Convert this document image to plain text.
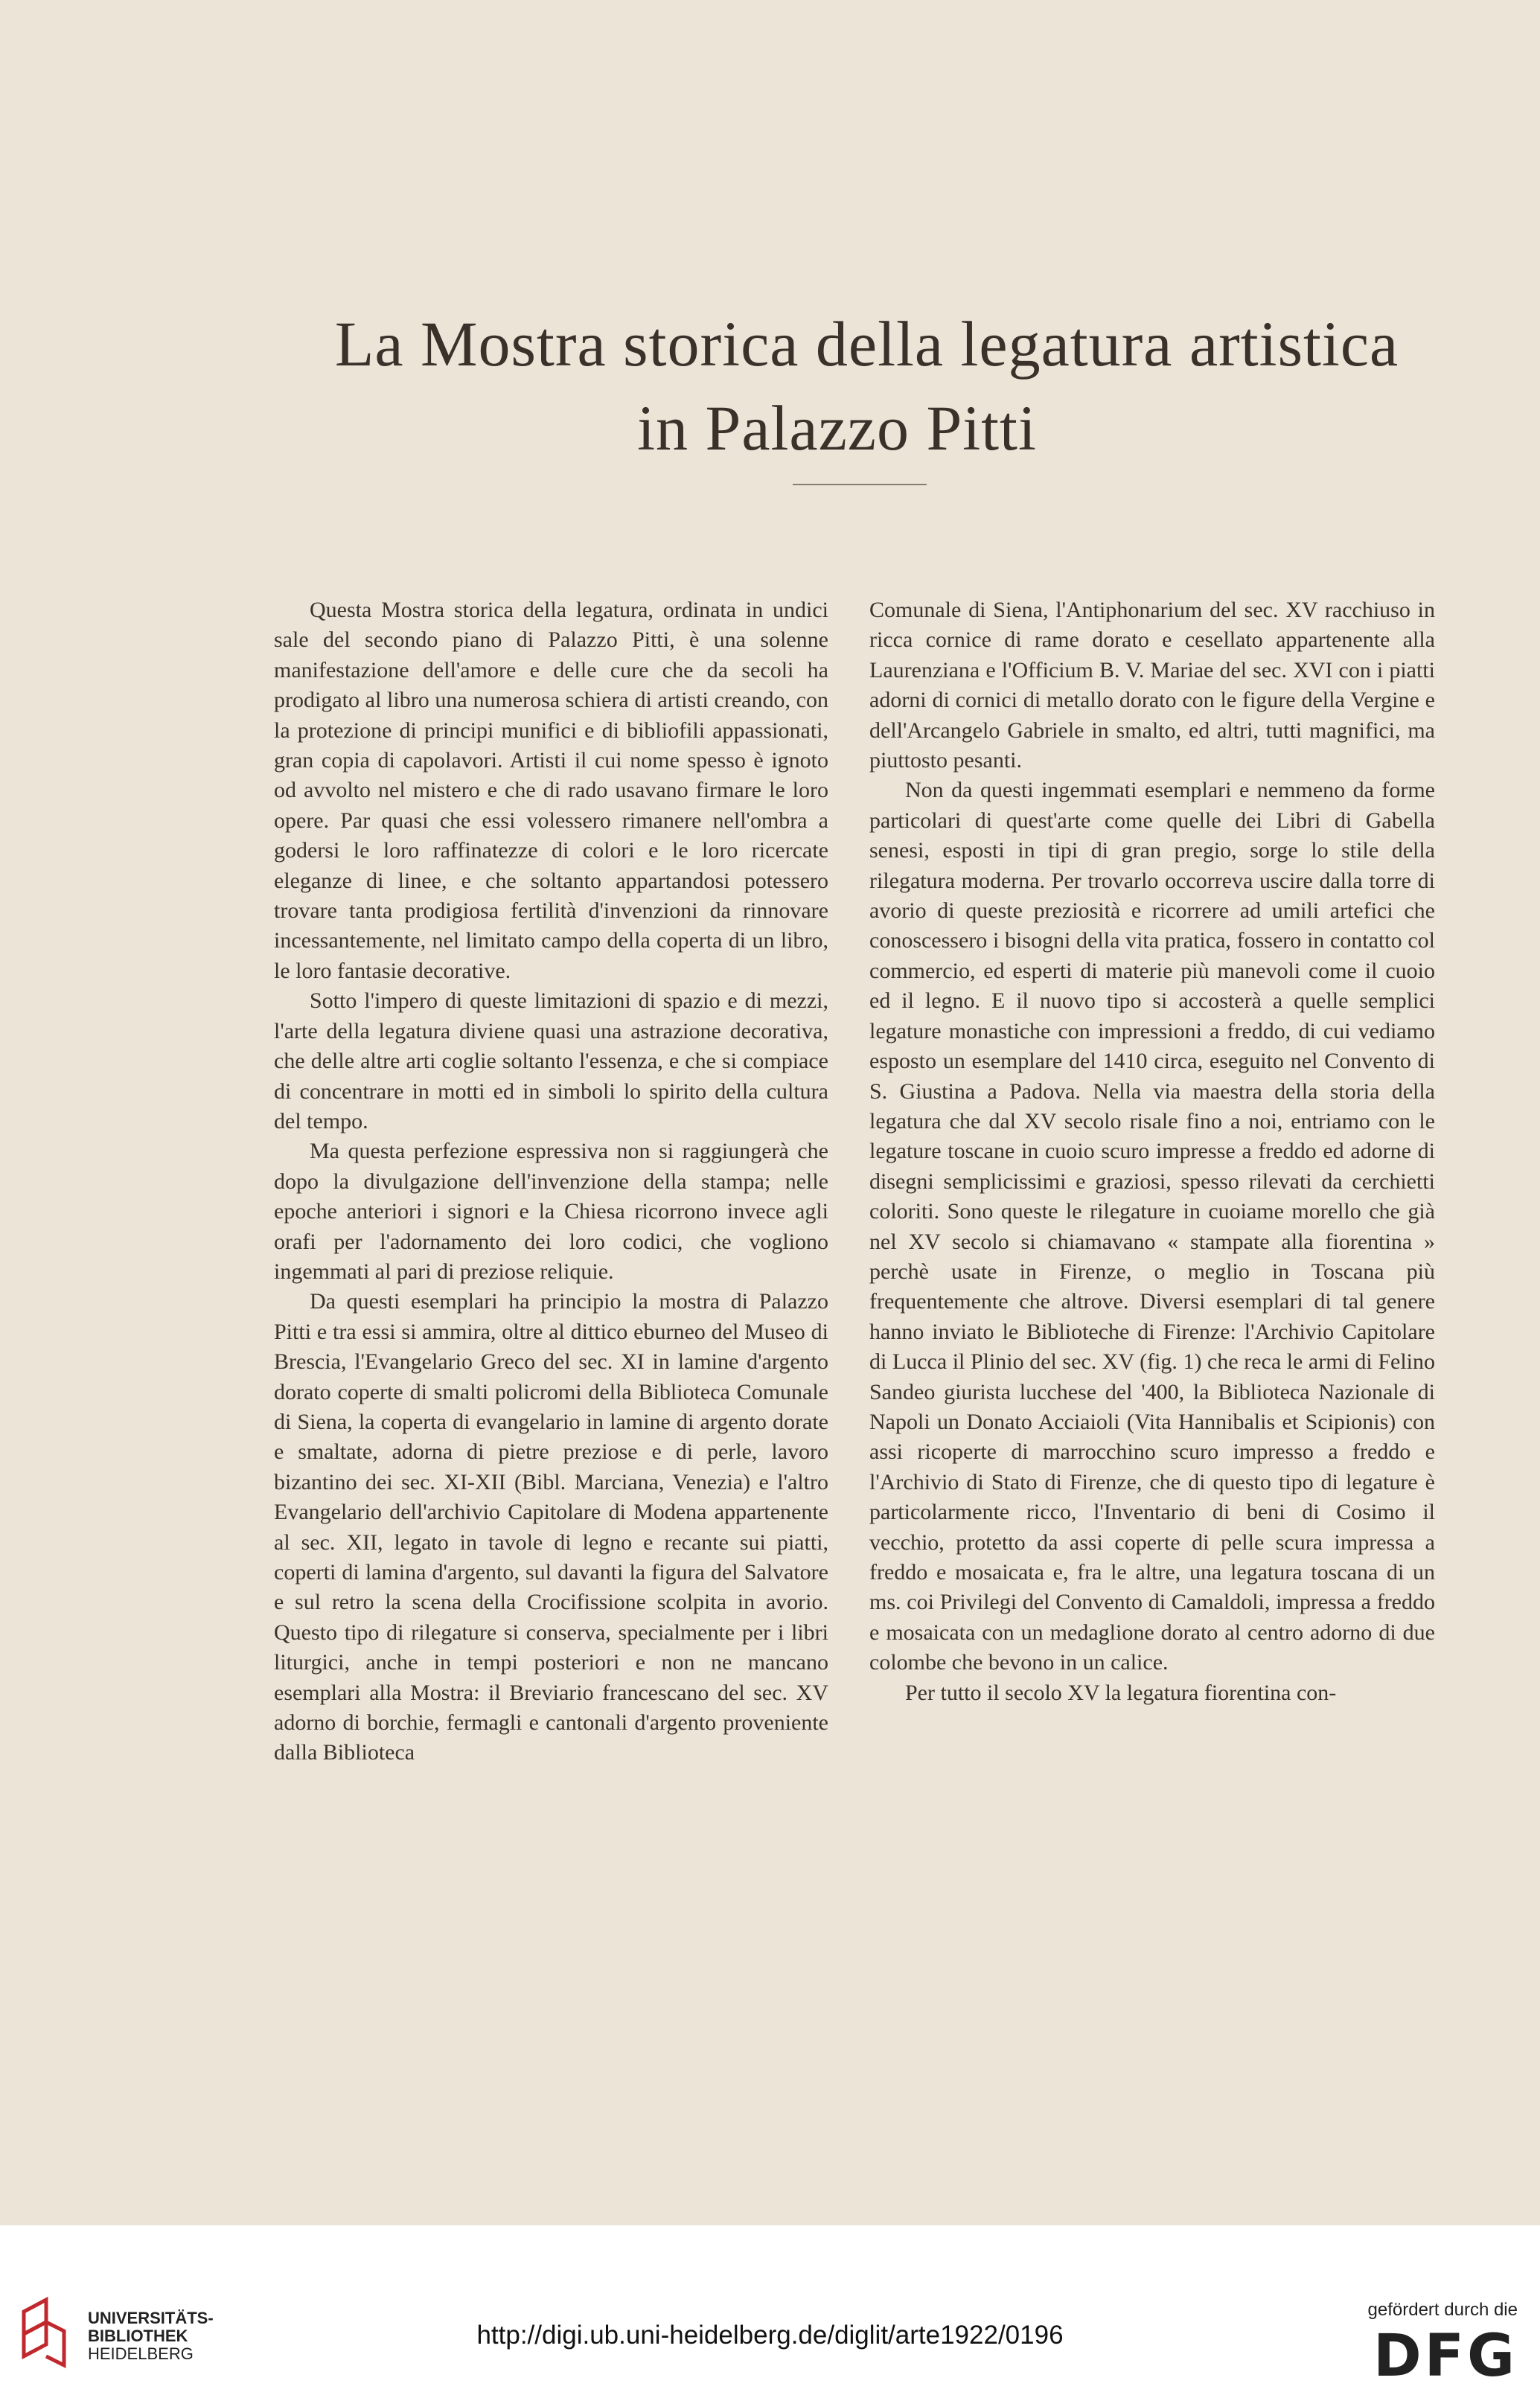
La Mostra storica della legatura artistica
in Palazzo Pitti

Questa Mostra storica della legatura, ordinata in undici sale del secondo piano di Palazzo Pitti, è una solenne manifestazione dell'amore e delle cure che da secoli ha prodigato al libro una numerosa schiera di artisti creando, con la protezione di principi munifici e di bibliofili appassionati, gran copia di capolavori. Artisti il cui nome spesso è ignoto od avvolto nel mistero e che di rado usavano firmare le loro opere. Par quasi che essi volessero rimanere nell'ombra a godersi le loro raffinatezze di colori e le loro ricercate eleganze di linee, e che soltanto appartandosi potessero trovare tanta prodigiosa fertilità d'invenzioni da rinnovare incessantemente, nel limitato campo della coperta di un libro, le loro fantasie decorative.

Sotto l'impero di queste limitazioni di spazio e di mezzi, l'arte della legatura diviene quasi una astrazione decorativa, che delle altre arti coglie soltanto l'essenza, e che si compiace di concentrare in motti ed in simboli lo spirito della cultura del tempo.

Ma questa perfezione espressiva non si raggiungerà che dopo la divulgazione dell'invenzione della stampa; nelle epoche anteriori i signori e la Chiesa ricorrono invece agli orafi per l'adornamento dei loro codici, che vogliono ingemmati al pari di preziose reliquie.

Da questi esemplari ha principio la mostra di Palazzo Pitti e tra essi si ammira, oltre al dittico eburneo del Museo di Brescia, l'Evangelario Greco del sec. XI in lamine d'argento dorato coperte di smalti policromi della Biblioteca Comunale di Siena, la coperta di evangelario in lamine di argento dorate e smaltate, adorna di pietre preziose e di perle, lavoro bizantino dei sec. XI-XII (Bibl. Marciana, Venezia) e l'altro Evangelario dell'archivio Capitolare di Modena appartenente al sec. XII, legato in tavole di legno e recante sui piatti, coperti di lamina d'argento, sul davanti la figura del Salvatore e sul retro la scena della Crocifissione scolpita in avorio. Questo tipo di rilegature si conserva, specialmente per i libri liturgici, anche in tempi posteriori e non ne mancano esemplari alla Mostra: il Breviario francescano del sec. XV adorno di borchie, fermagli e cantonali d'argento proveniente dalla Biblioteca

Comunale di Siena, l'Antiphonarium del sec. XV racchiuso in ricca cornice di rame dorato e cesellato appartenente alla Laurenziana e l'Officium B. V. Mariae del sec. XVI con i piatti adorni di cornici di metallo dorato con le figure della Vergine e dell'Arcangelo Gabriele in smalto, ed altri, tutti magnifici, ma piuttosto pesanti.

Non da questi ingemmati esemplari e nemmeno da forme particolari di quest'arte come quelle dei Libri di Gabella senesi, esposti in tipi di gran pregio, sorge lo stile della rilegatura moderna. Per trovarlo occorreva uscire dalla torre di avorio di queste preziosità e ricorrere ad umili artefici che conoscessero i bisogni della vita pratica, fossero in contatto col commercio, ed esperti di materie più manevoli come il cuoio ed il legno. E il nuovo tipo si accosterà a quelle semplici legature monastiche con impressioni a freddo, di cui vediamo esposto un esemplare del 1410 circa, eseguito nel Convento di S. Giustina a Padova. Nella via maestra della storia della legatura che dal XV secolo risale fino a noi, entriamo con le legature toscane in cuoio scuro impresse a freddo ed adorne di disegni semplicissimi e graziosi, spesso rilevati da cerchietti coloriti. Sono queste le rilegature in cuoiame morello che già nel XV secolo si chiamavano « stampate alla fiorentina » perchè usate in Firenze, o meglio in Toscana più frequentemente che altrove. Diversi esemplari di tal genere hanno inviato le Biblioteche di Firenze: l'Archivio Capitolare di Lucca il Plinio del sec. XV (fig. 1) che reca le armi di Felino Sandeo giurista lucchese del '400, la Biblioteca Nazionale di Napoli un Donato Acciaioli (Vita Hannibalis et Scipionis) con assi ricoperte di marrocchino scuro impresso a freddo e l'Archivio di Stato di Firenze, che di questo tipo di legature è particolarmente ricco, l'Inventario di beni di Cosimo il vecchio, protetto da assi coperte di pelle scura impressa a freddo e mosaicata e, fra le altre, una legatura toscana di un ms. coi Privilegi del Convento di Camaldoli, impressa a freddo e mosaicata con un medaglione dorato al centro adorno di due colombe che bevono in un calice.

Per tutto il secolo XV la legatura fiorentina con-

UNIVERSITÄTS-
BIBLIOTHEK
HEIDELBERG
http://digi.ub.uni-heidelberg.de/diglit/arte1922/0196
gefördert durch die
DFG
